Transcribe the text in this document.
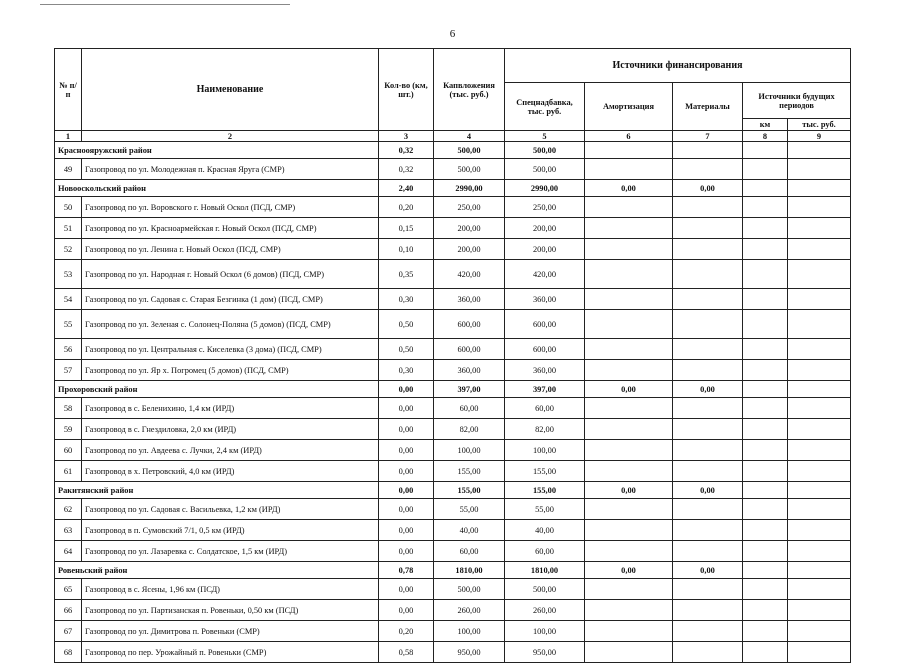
6
№ п/п	Наименование	Кол-во (км, шт.)	Капвложения (тыс. руб.)	Источники финансирования				
				Спецнадбавка, тыс. руб.	Амортизация	Материалы	Источники будущих периодов	
							км	тыс. руб.
1	2	3	4	5	6	7	8	9
Красноояружский район		0,32	500,00	500,00				
49	Газопровод по ул. Молодежная п. Красная Яруга (СМР)	0,32	500,00	500,00				
Новооскольский район		2,40	2990,00	2990,00	0,00	0,00		
50	Газопровод по ул. Воровского г. Новый Оскол (ПСД, СМР)	0,20	250,00	250,00				
51	Газопровод по ул. Красноармейская г. Новый Оскол (ПСД, СМР)	0,15	200,00	200,00				
52	Газопровод по ул. Ленина г. Новый Оскол (ПСД, СМР)	0,10	200,00	200,00				
53	Газопровод по ул. Народная г. Новый Оскол (6 домов) (ПСД, СМР)	0,35	420,00	420,00				
54	Газопровод по ул. Садовая с. Старая Безгинка (1 дом) (ПСД, СМР)	0,30	360,00	360,00				
55	Газопровод по ул. Зеленая с. Солонец-Поляна (5 домов) (ПСД, СМР)	0,50	600,00	600,00				
56	Газопровод по ул. Центральная с. Киселевка (3 дома) (ПСД, СМР)	0,50	600,00	600,00				
57	Газопровод по ул. Яр х. Погромец (5 домов) (ПСД, СМР)	0,30	360,00	360,00				
Прохоровский район		0,00	397,00	397,00	0,00	0,00		
58	Газопровод в с. Беленихино, 1,4 км (ИРД)	0,00	60,00	60,00				
59	Газопровод в с. Гнездиловка, 2,0 км (ИРД)	0,00	82,00	82,00				
60	Газопровод по ул. Авдеева с. Лучки, 2,4 км (ИРД)	0,00	100,00	100,00				
61	Газопровод в х. Петровский, 4,0 км (ИРД)	0,00	155,00	155,00				
Ракитянский район		0,00	155,00	155,00	0,00	0,00		
62	Газопровод по ул. Садовая с. Васильевка, 1,2 км (ИРД)	0,00	55,00	55,00				
63	Газопровод в п. Сумовский 7/1, 0,5 км (ИРД)	0,00	40,00	40,00				
64	Газопровод по ул. Лазаревка с. Солдатское, 1,5 км (ИРД)	0,00	60,00	60,00				
Ровеньский район		0,78	1810,00	1810,00	0,00	0,00		
65	Газопровод в с. Ясены, 1,96 км (ПСД)	0,00	500,00	500,00				
66	Газопровод по ул. Партизанская п. Ровеньки, 0,50 км (ПСД)	0,00	260,00	260,00				
67	Газопровод по ул. Димитрова п. Ровеньки (СМР)	0,20	100,00	100,00				
68	Газопровод по пер. Урожайный п. Ровеньки (СМР)	0,58	950,00	950,00				
